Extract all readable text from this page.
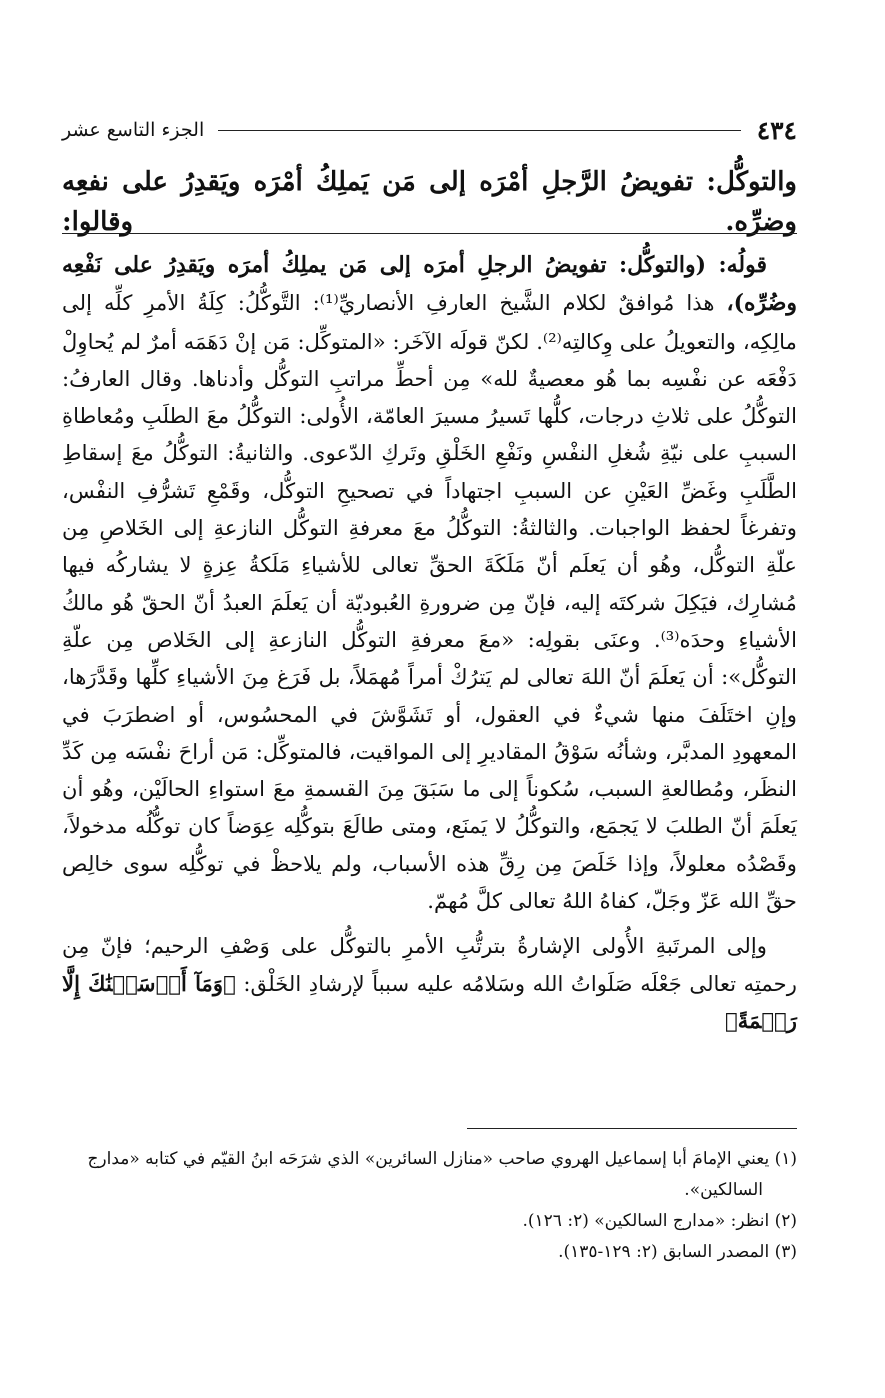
٤٣٤
الجزء التاسع عشر
والتوكُّل: تفويضُ الرَّجلِ أمْرَه إلى مَن يَملِكُ أمْرَه ويَقدِرُ على نفعِه وضرِّه. وقالوا:

قولُه: (والتوكُّل: تفويضُ الرجلِ أمرَه إلى مَن يملِكُ أمرَه ويَقدِرُ على نَفْعِه وضُرِّه)، هذا مُوافقٌ لكلام الشَّيخ العارفِ الأنصاريِّ⁽¹⁾: التَّوكُّلُ: كِلَةُ الأمرِ كلِّه إلى مالِكِه، والتعويلُ على وِكالتِه⁽²⁾. لكنّ قولَه الآخَر: «المتوكِّل: مَن إنْ دَهَمَه أمرٌ لم يُحاوِلْ دَفْعَه عن نفْسِه بما هُو معصيةٌ لله» مِن أحطِّ مراتبِ التوكُّل وأدناها. وقال العارفُ: التوكُّلُ على ثلاثِ درجات، كلُّها تَسيرُ مسيرَ العامّة، الأُولى: التوكُّلُ معَ الطلَبِ ومُعاطاةِ السببِ على نيّةِ شُغلِ النفْسِ ونَفْعِ الخَلْقِ وتَركِ الدّعوى. والثانيةُ: التوكُّلُ معَ إسقاطِ الطَّلَبِ وغَضِّ العَيْنِ عن السببِ اجتهاداً في تصحيحِ التوكُّل، وقَمْعِ تَشرُّفِ النفْس، وتفرغاً لحفظ الواجبات. والثالثةُ: التوكُّلُ معَ معرفةِ التوكُّل النازعةِ إلى الخَلاصِ مِن علّةِ التوكُّل، وهُو أن يَعلَم أنّ مَلَكَةَ الحقِّ تعالى للأشياءِ مَلَكةُ عِزةٍ لا يشاركُه فيها مُشارِك، فيَكِلَ شركتَه إليه، فإنّ مِن ضرورةِ العُبوديّة أن يَعلَمَ العبدُ أنّ الحقّ هُو مالكُ الأشياءِ وحدَه⁽³⁾. وعنَى بقولِه: «معَ معرفةِ التوكُّل النازعةِ إلى الخَلاص مِن علّةِ التوكُّل»: أن يَعلَمَ أنّ اللهَ تعالى لم يَترُكْ أمراً مُهمَلاً، بل فَرَغ مِنَ الأشياءِ كلِّها وقَدَّرَها، وإنِ اختَلَفَ منها شيءٌ في العقول، أو تَشَوَّشَ في المحسُوس، أو اضطرَبَ في المعهودِ المدبَّر، وشأنُه سَوْقُ المقاديرِ إلى المواقيت، فالمتوكِّل: مَن أراحَ نفْسَه مِن كَدِّ النظَر، ومُطالعةِ السبب، سُكوناً إلى ما سَبَقَ مِنَ القسمةِ معَ استواءِ الحالَيْن، وهُو أن يَعلَمَ أنّ الطلبَ لا يَجمَع، والتوكُّلُ لا يَمنَع، ومتى طالَعَ بتوكُّلِه عِوَضاً كان توكُّلُه مدخولاً، وقَصْدُه معلولاً، وإذا خَلَصَ مِن رِقِّ هذه الأسباب، ولم يلاحظْ في توكُّلِه سوى خالِص حقِّ الله عَزّ وجَلّ، كفاهُ اللهُ تعالى كلَّ مُهمّ.

وإلى المرتَبةِ الأُولى الإشارةُ بترتُّبِ الأمرِ بالتوكُّل على وَصْفِ الرحيم؛ فإنّ مِن رحمتِه تعالى جَعْلَه صَلَواتُ الله وسَلامُه عليه سبباً لإرشادِ الخَلْق: ﴿وَمَآ أَرۡسَلۡنَٰكَ إِلَّا رَحۡمَةً﴾

(١) يعني الإمامَ أبا إسماعيل الهروي صاحب «منازل السائرين» الذي شرَحَه ابنُ القيّم في كتابه «مدارج السالكين».

(٢) انظر: «مدارج السالكين» (٢: ١٢٦).

(٣) المصدر السابق (٢: ١٢٩-١٣٥).
